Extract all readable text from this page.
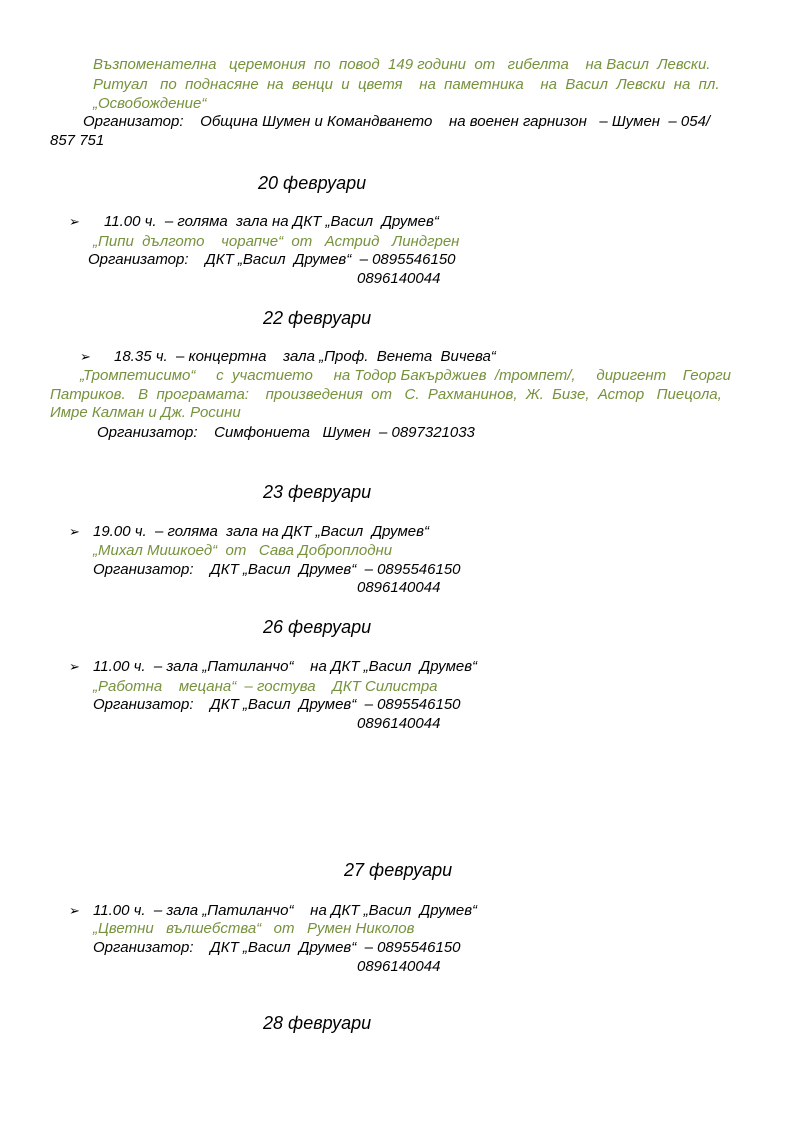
Възпоменателна   церемония  по  повод  149 години  от   гибелта    на Васил  Левски.
Ритуал   по  поднасяне  на  венци  и  цветя    на  паметника    на  Васил  Левски  на  пл.
„Освобождение“
Организатор:    Община Шумен и Командването    на военен гарнизон   – Шумен  – 054/
857 751
20 февруари
➢ 11.00 ч.  – голяма  зала на ДКТ „Васил  Друмев“
„Пипи  дългото    чорапче“  от   Астрид   Линдгрен
Организатор:    ДКТ „Васил  Друмев“  – 0895546150
0896140044
22 февруари
➢ 18.35 ч.  – концертна    зала „Проф.  Венета  Вичева“
„Тромпетисимо“     с  участието     на Тодор Бакърджиев  /тромпет/,     диригент    Георги
Патриков.   В  програмата:    произведения  от   С.  Рахманинов,  Ж.  Бизе,  Астор   Пиецола,
Имре Калман и Дж. Росини
Организатор:    Симфониета   Шумен  – 0897321033
23 февруари
➢ 19.00 ч.  – голяма  зала на ДКТ „Васил  Друмев“
„Михал Мишкоед“  от   Сава Доброплодни
Организатор:    ДКТ „Васил  Друмев“  – 0895546150
0896140044
26 февруари
➢ 11.00 ч.  – зала „Патиланчо“    на ДКТ „Васил  Друмев“
„Работна    мецана“  – гостува    ДКТ Силистра
Организатор:    ДКТ „Васил  Друмев“  – 0895546150
0896140044
27 февруари
➢ 11.00 ч.  – зала „Патиланчо“    на ДКТ „Васил  Друмев“
„Цветни   вълшебства“   от   Румен Николов
Организатор:    ДКТ „Васил  Друмев“  – 0895546150
0896140044
28 февруари
